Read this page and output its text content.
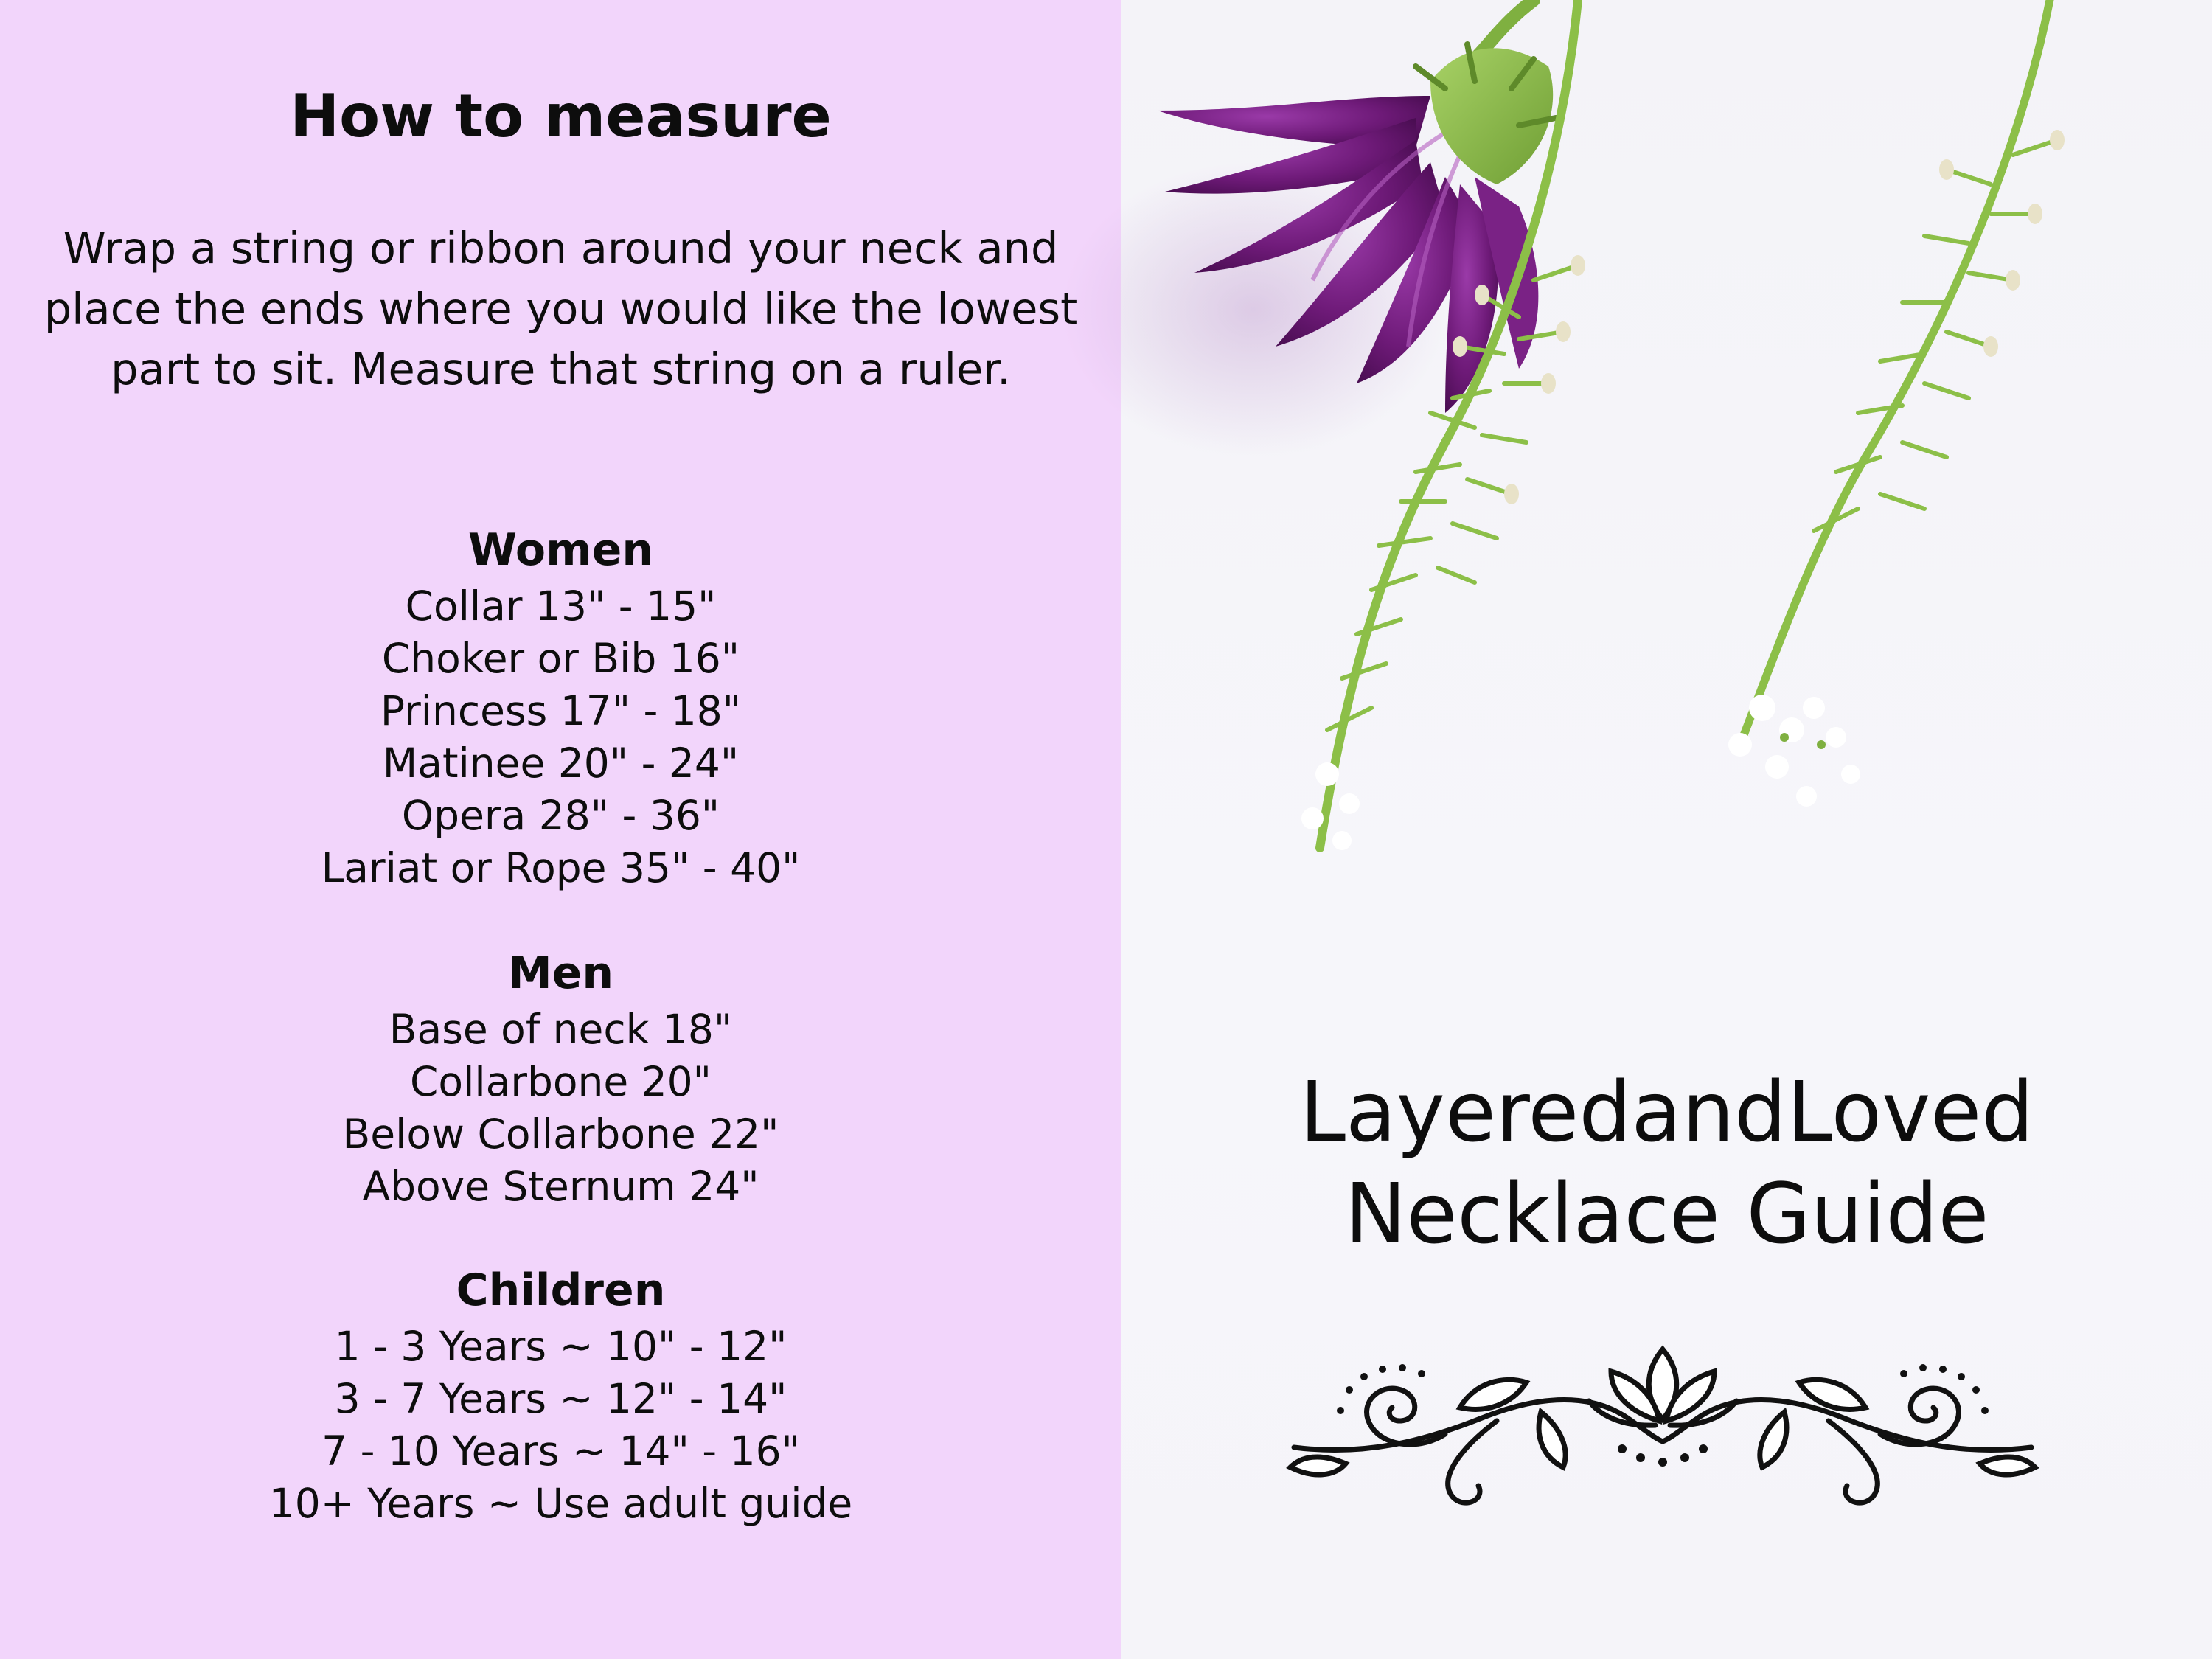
How to measure

Wrap a string or ribbon around your neck and place the ends where you would like the lowest part to sit. Measure that string on a ruler.

Women
Collar 13" - 15"
Choker or Bib 16"
Princess 17" - 18"
Matinee 20" - 24"
Opera 28" - 36"
Lariat or Rope 35" - 40"
Men
Base of neck 18"
Collarbone 20"
Below Collarbone 22"
Above Sternum 24"
Children
1 - 3 Years ~ 10" - 12"
3 - 7 Years ~ 12" - 14"
7 - 10 Years ~ 14" - 16"
10+ Years ~ Use adult guide
LayeredandLoved
Necklace Guide
